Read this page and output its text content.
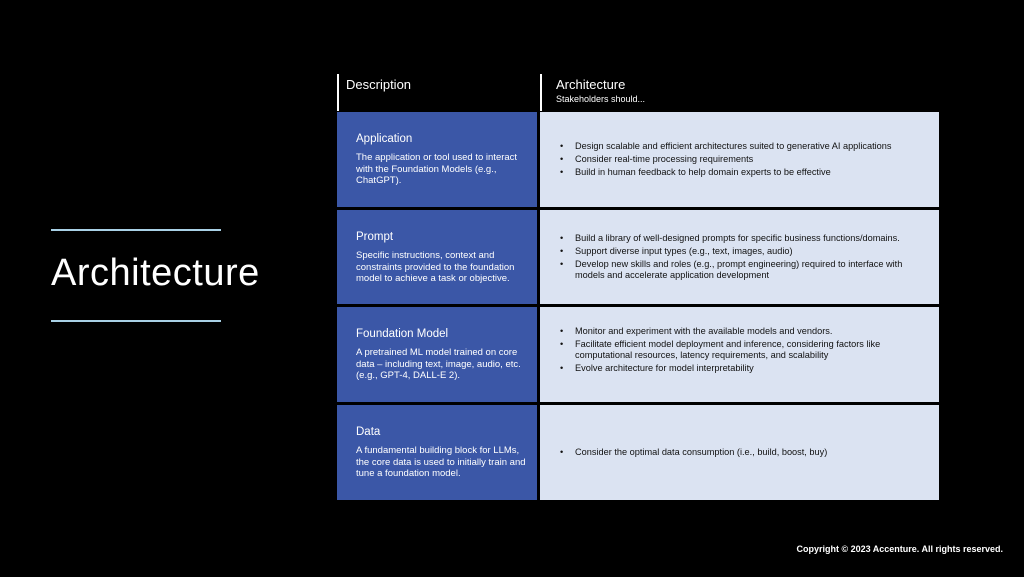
Architecture
Description	Architecture
Stakeholders should...
Application
The application or tool used to interact with the Foundation Models (e.g., ChatGPT).
• Design scalable and efficient architectures suited to generative AI applications
• Consider real-time processing requirements
• Build in human feedback to help domain experts to be effective
Prompt
Specific instructions, context and constraints provided to the foundation model to achieve a task or objective.
• Build a library of well-designed prompts for specific business functions/domains.
• Support diverse input types (e.g., text, images, audio)
• Develop new skills and roles (e.g., prompt engineering) required to interface with models and accelerate application development
Foundation Model
A pretrained ML model trained on core data – including text, image, audio, etc. (e.g., GPT-4, DALL-E 2).
• Monitor and experiment with the available models and vendors.
• Facilitate efficient model deployment and inference, considering factors like computational resources, latency requirements, and scalability
• Evolve architecture for model interpretability
Data
A fundamental building block for LLMs, the core data is used to initially train and tune a foundation model.
• Consider the optimal data consumption (i.e., build, boost, buy)
Copyright © 2023 Accenture. All rights reserved.
